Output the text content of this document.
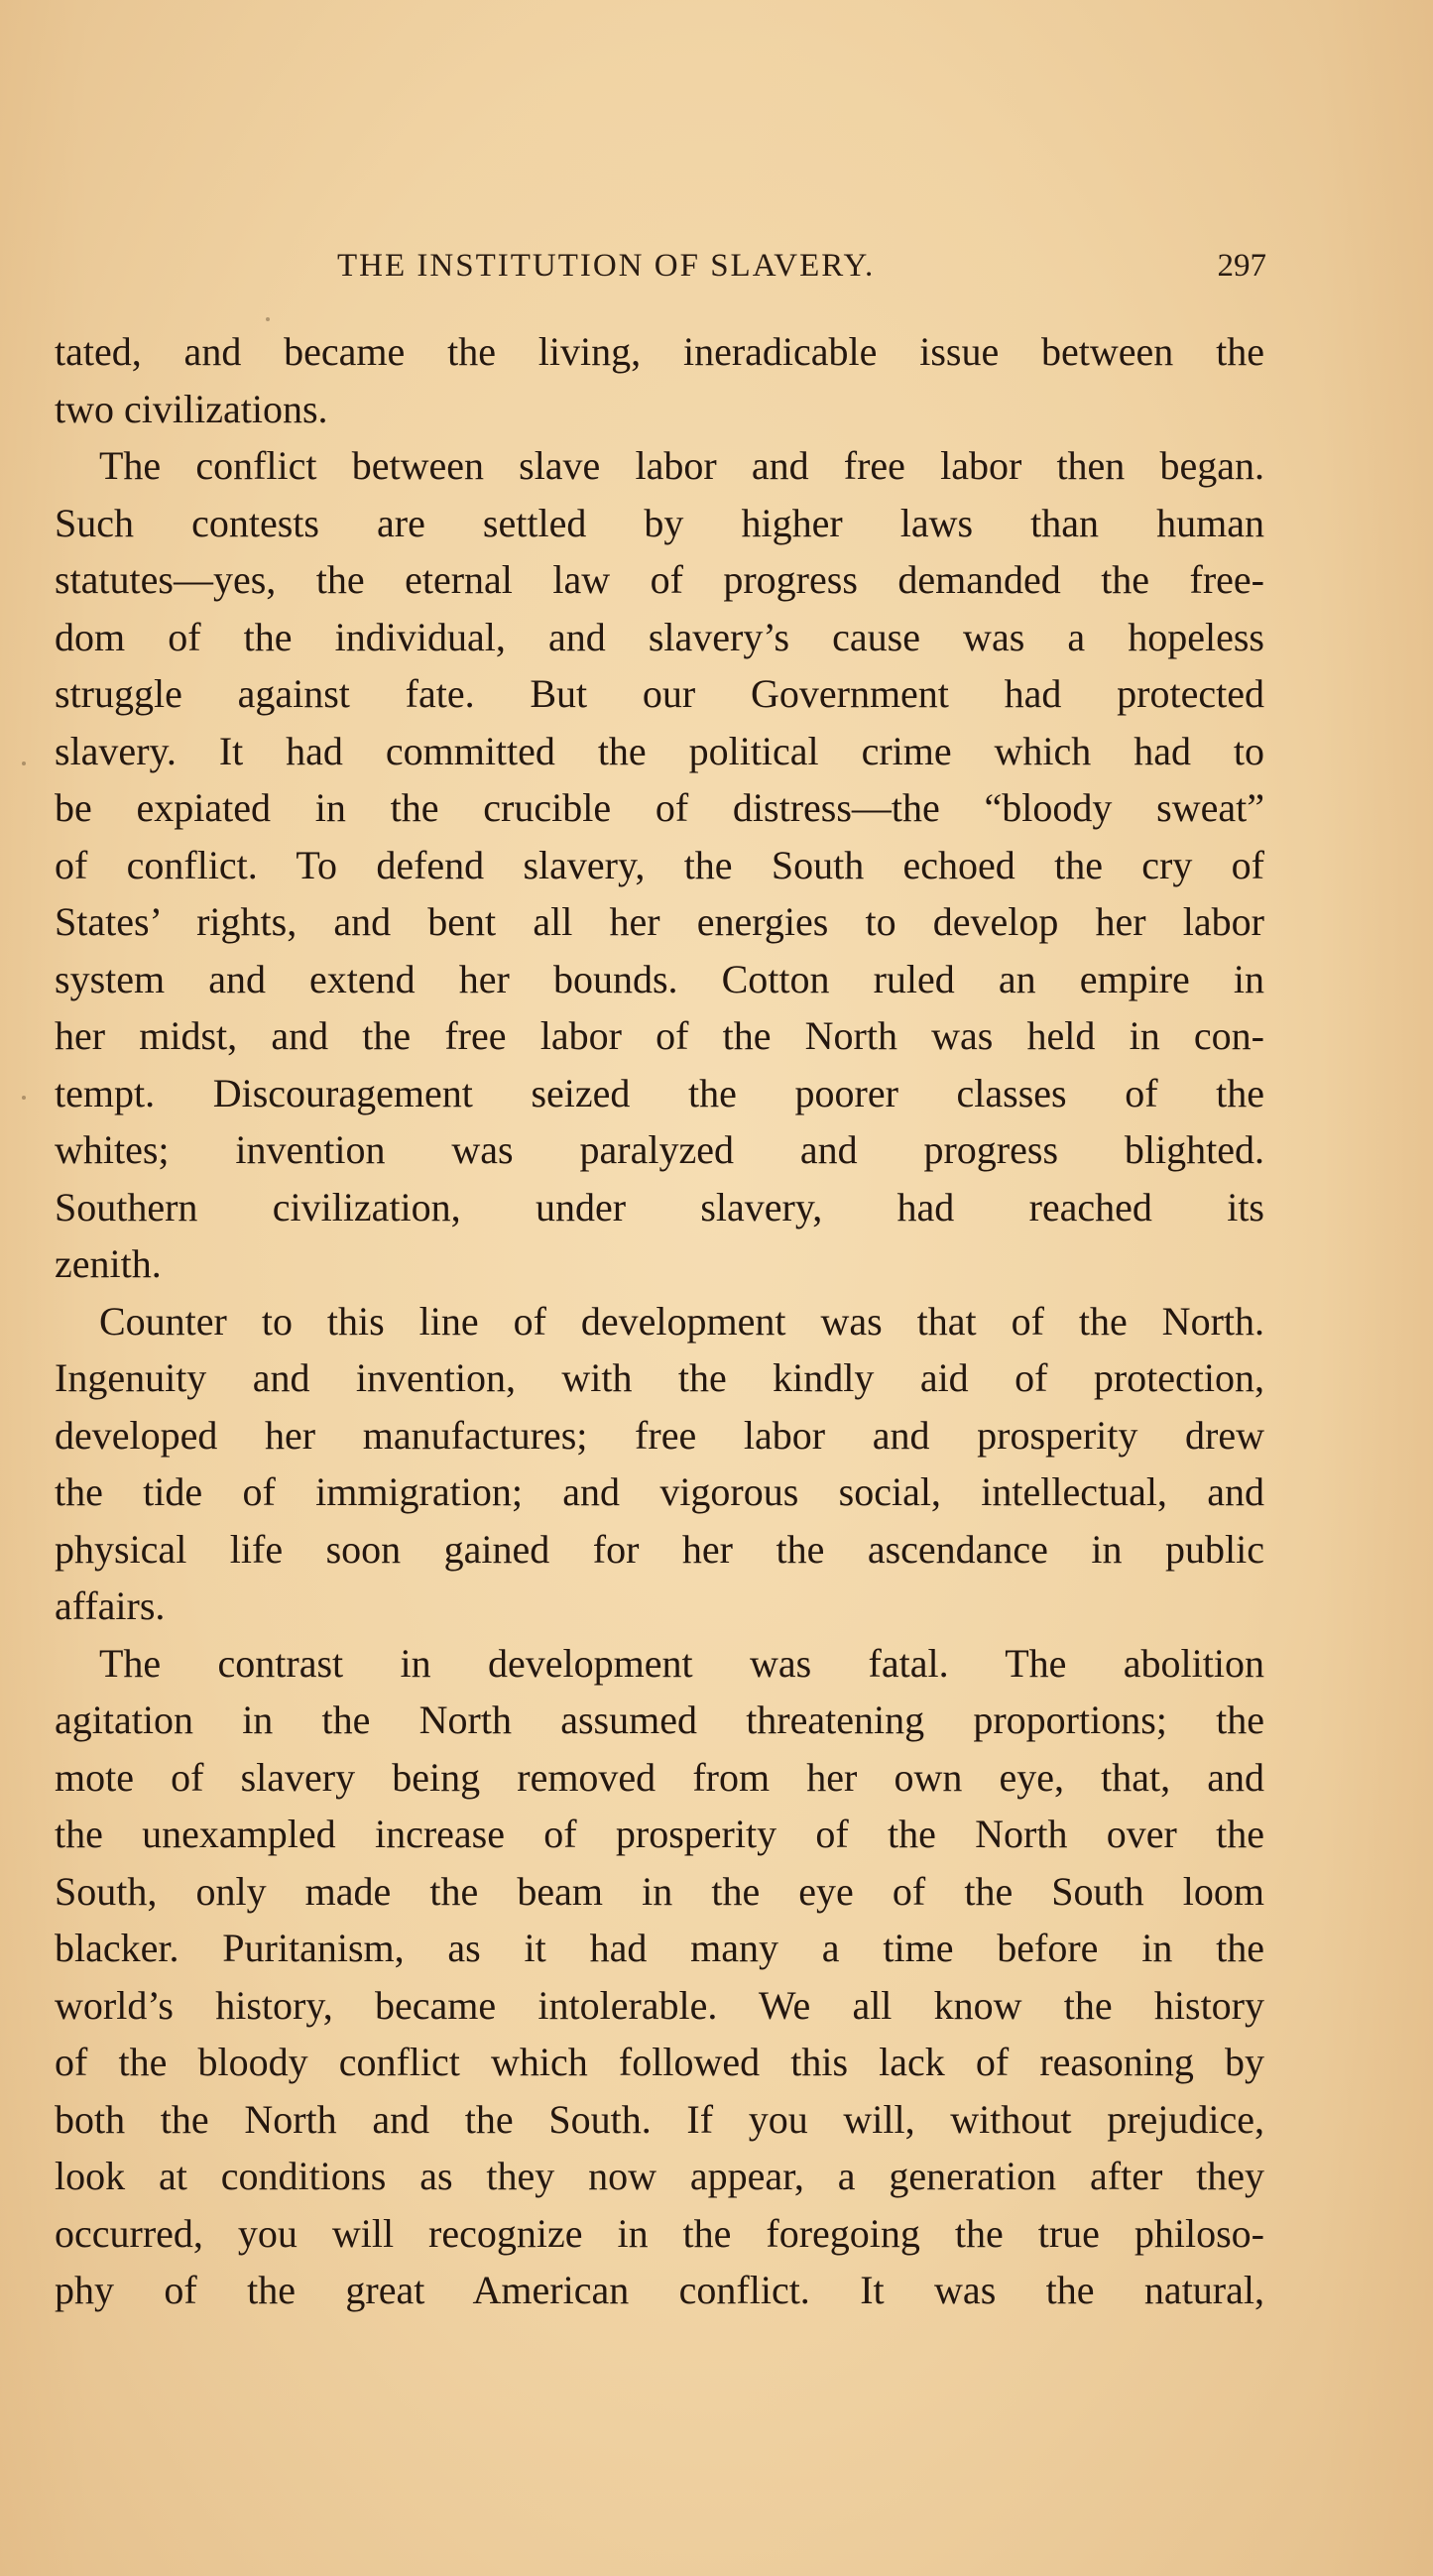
THE INSTITUTION OF SLAVERY.	297

tated, and became the living, ineradicable issue between the

two civilizations.

The conflict between slave labor and free labor then began.

Such contests are settled by higher laws than human

statutes—yes, the eternal law of progress demanded the free-

dom of the individual, and slavery’s cause was a hopeless

struggle against fate. But our Government had protected

slavery. It had committed the political crime which had to

be expiated in the crucible of distress—the “bloody sweat”

of conflict. To defend slavery, the South echoed the cry of

States’ rights, and bent all her energies to develop her labor

system and extend her bounds. Cotton ruled an empire in

her midst, and the free labor of the North was held in con-

tempt. Discouragement seized the poorer classes of the

whites; invention was paralyzed and progress blighted.

Southern civilization, under slavery, had reached its

zenith.

Counter to this line of development was that of the North.

Ingenuity and invention, with the kindly aid of protection,

developed her manufactures; free labor and prosperity drew

the tide of immigration; and vigorous social, intellectual, and

physical life soon gained for her the ascendance in public

affairs.

The contrast in development was fatal. The abolition

agitation in the North assumed threatening proportions; the

mote of slavery being removed from her own eye, that, and

the unexampled increase of prosperity of the North over the

South, only made the beam in the eye of the South loom

blacker. Puritanism, as it had many a time before in the

world’s history, became intolerable. We all know the history

of the bloody conflict which followed this lack of reasoning by

both the North and the South. If you will, without prejudice,

look at conditions as they now appear, a generation after they

occurred, you will recognize in the foregoing the true philoso-

phy of the great American conflict. It was the natural,
